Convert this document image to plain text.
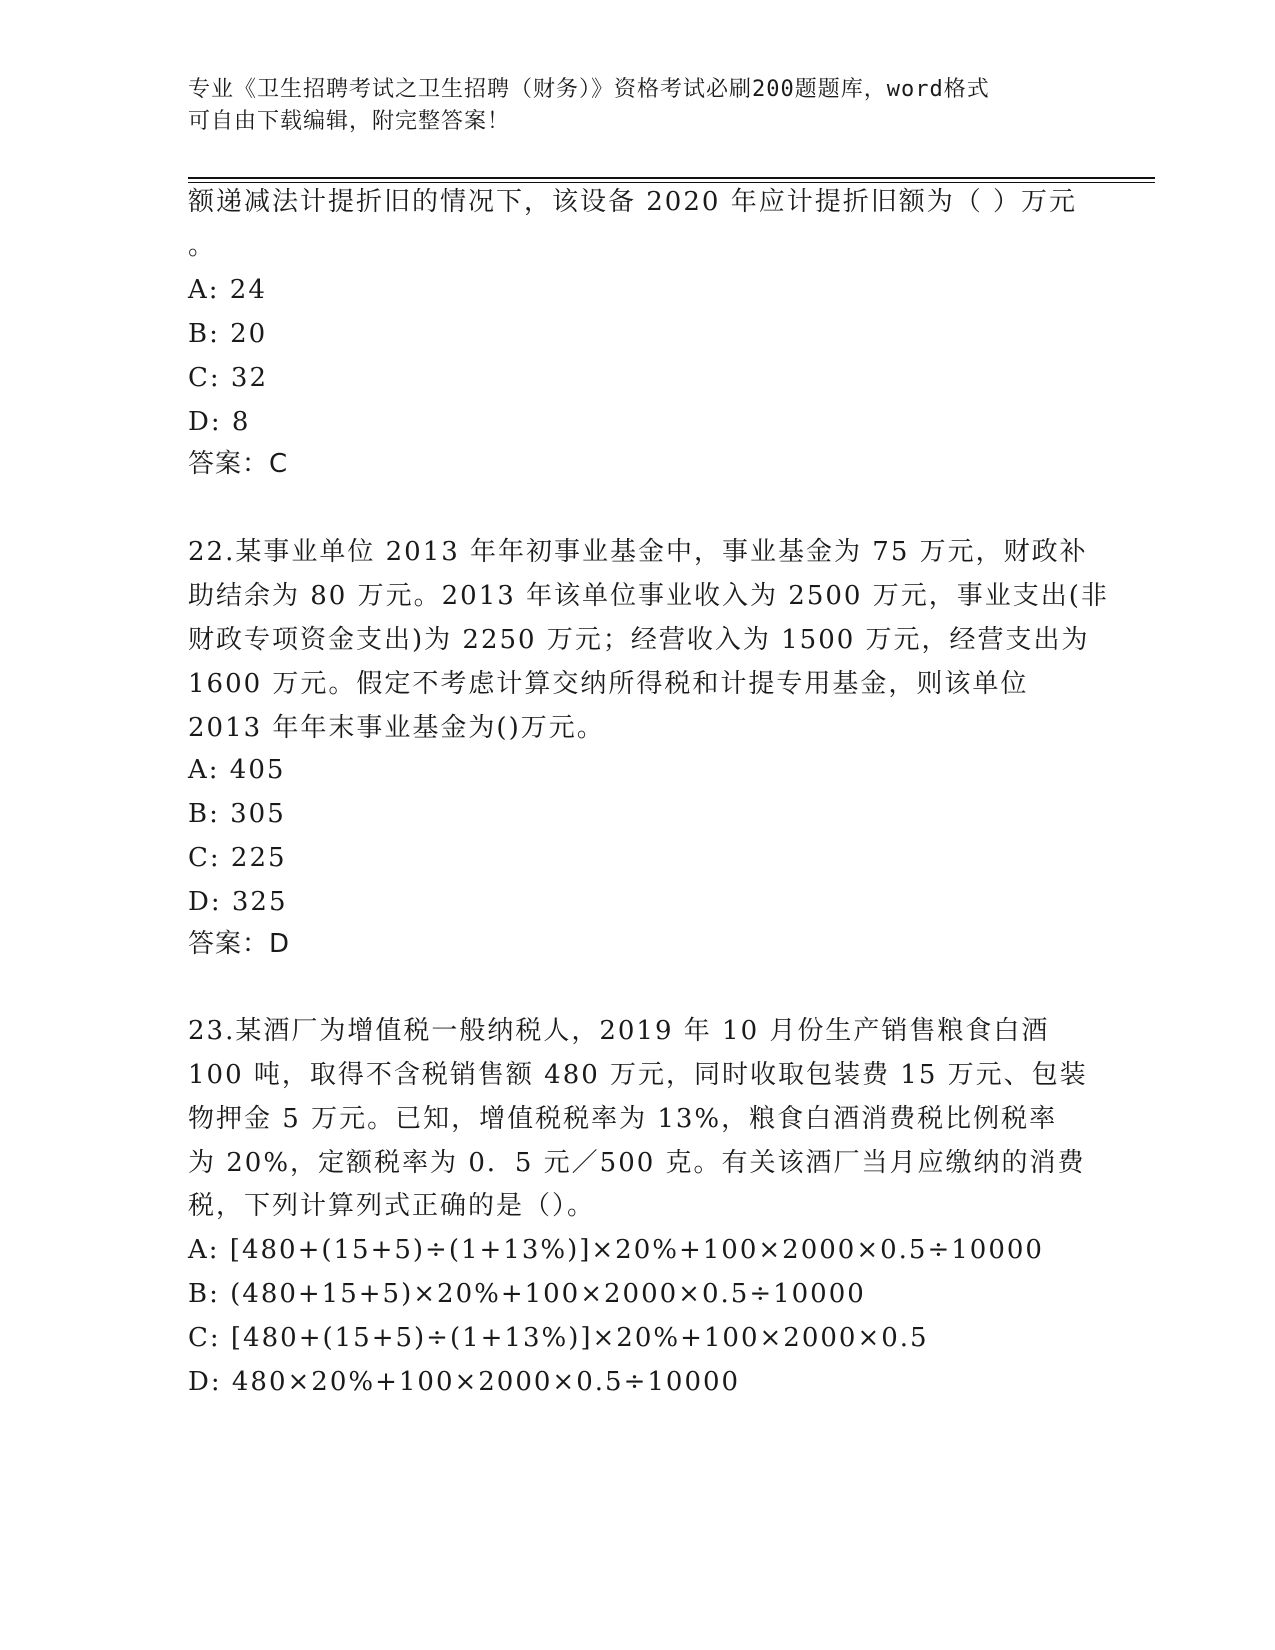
专业《卫生招聘考试之卫生招聘（财务）》资格考试必刷200题题库，word格式
可自由下载编辑，附完整答案！
额递减法计提折旧的情况下，该设备 2020 年应计提折旧额为（ ）万元
。
A: 24
B: 20
C: 32
D: 8
答案：C
22.某事业单位 2013 年年初事业基金中，事业基金为 75 万元，财政补
助结余为 80 万元。2013 年该单位事业收入为 2500 万元，事业支出(非
财政专项资金支出)为 2250 万元；经营收入为 1500 万元，经营支出为
1600 万元。假定不考虑计算交纳所得税和计提专用基金，则该单位
2013 年年末事业基金为()万元。
A: 405
B: 305
C: 225
D: 325
答案：D
23.某酒厂为增值税一般纳税人，2019 年 10 月份生产销售粮食白酒
100 吨，取得不含税销售额 480 万元，同时收取包装费 15 万元、包装
物押金 5 万元。已知，增值税税率为 13%，粮食白酒消费税比例税率
为 20%，定额税率为 0．5 元／500 克。有关该酒厂当月应缴纳的消费
税，下列计算列式正确的是（）。
A: [480+(15+5)÷(1+13%)]×20%+100×2000×0.5÷10000
B: (480+15+5)×20%+100×2000×0.5÷10000
C: [480+(15+5)÷(1+13%)]×20%+100×2000×0.5
D: 480×20%+100×2000×0.5÷10000
